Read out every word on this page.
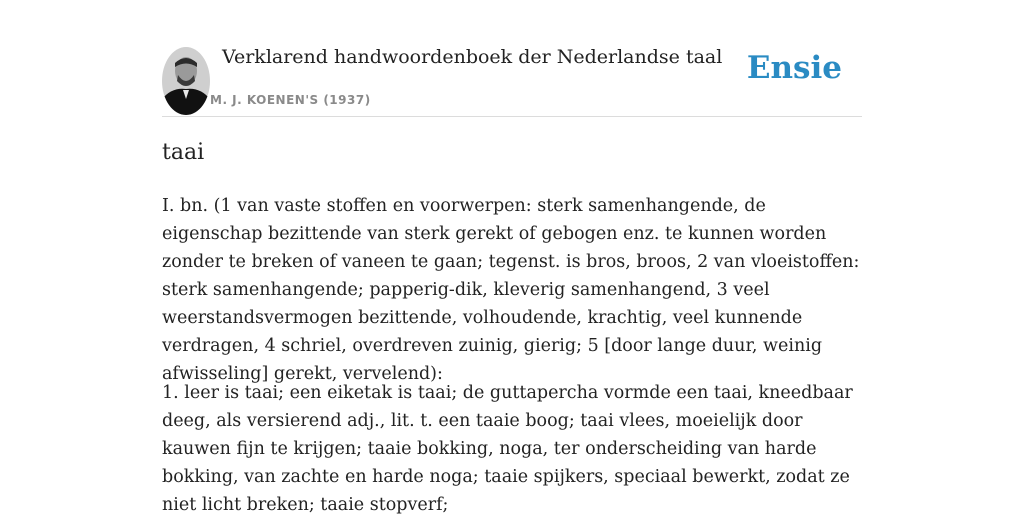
Verklarend handwoordenboek der Nederlandse taal
M. J. KOENEN'S (1937)
Ensie
taai

I. bn. (1 van vaste stoffen en voorwerpen: sterk samenhangende, de eigenschap bezittende van sterk gerekt of gebogen enz. te kunnen worden zonder te breken of vaneen te gaan; tegenst. is bros, broos, 2 van vloeistoffen: sterk samenhangende; papperig-dik, kleverig samenhangend, 3 veel weerstandsvermogen bezittende, volhoudende, krachtig, veel kunnende verdragen, 4 schriel, overdreven zuinig, gierig; 5 [door lange duur, weinig afwisseling] gerekt, vervelend):

1. leer is taai; een eiketak is taai; de guttapercha vormde een taai, kneedbaar deeg, als versierend adj., lit. t. een taaie boog; taai vlees, moeielijk door kauwen fijn te krijgen; taaie bokking, noga, ter onderscheiding van harde bokking, van zachte en harde noga; taaie spijkers, speciaal bewerkt, zodat ze niet licht breken; taaie stopverf;
